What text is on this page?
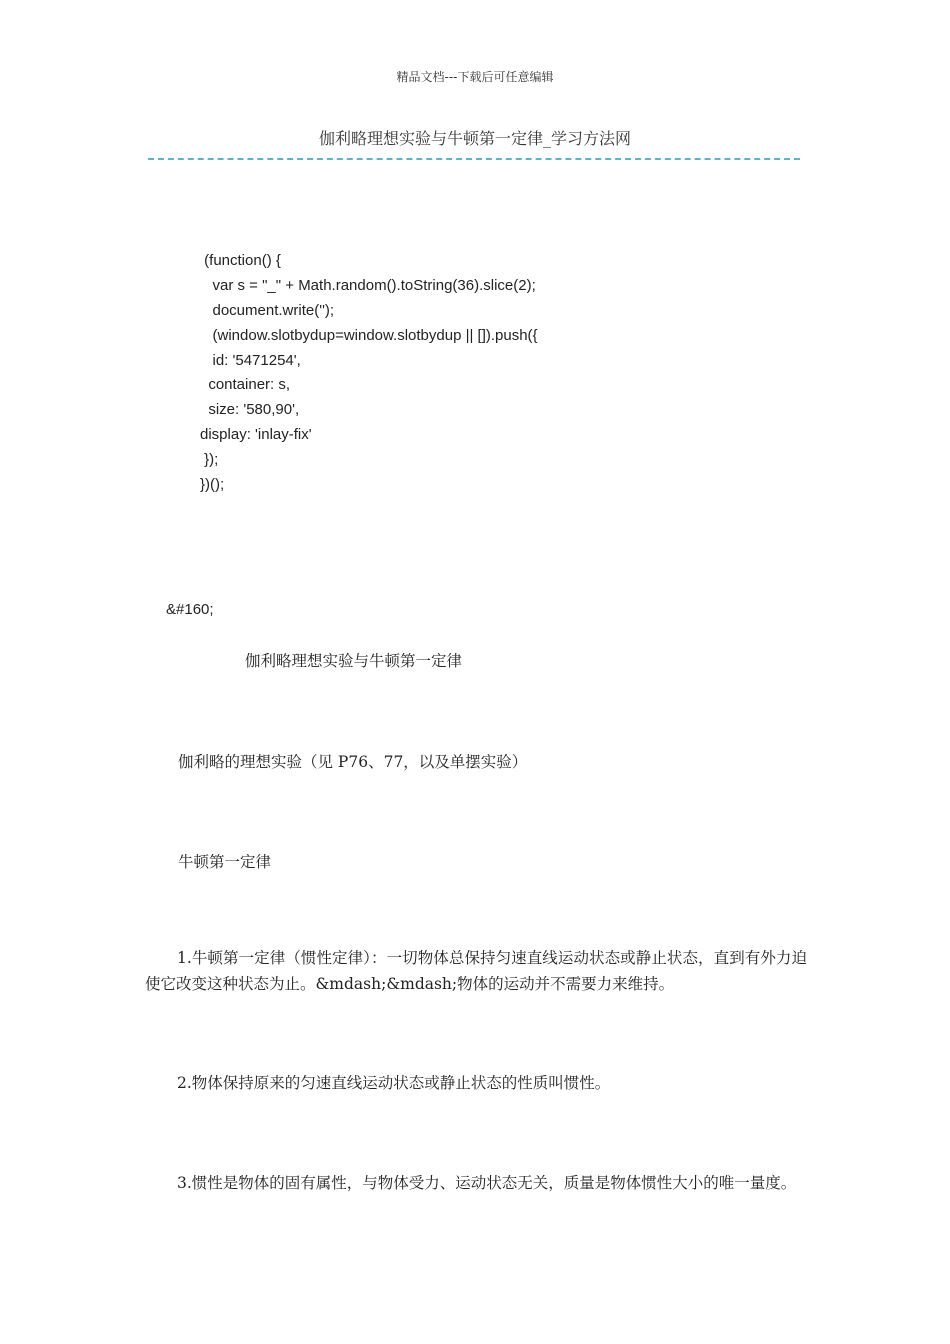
精品文档---下载后可任意编辑
伽利略理想实验与牛顿第一定律_学习方法网
(function() {
var s = "_" + Math.random().toString(36).slice(2);
document.write('');
(window.slotbydup=window.slotbydup || []).push({
id: '5471254',
container: s,
size: '580,90',
display: 'inlay-fix'
});
})();
&#160;
伽利略理想实验与牛顿第一定律
伽利略的理想实验（见 P76、77，以及单摆实验）
牛顿第一定律
1.牛顿第一定律（惯性定律）：一切物体总保持匀速直线运动状态或静止状态，直到有外力迫使它改变这种状态为止。&mdash;&mdash;物体的运动并不需要力来维持。
2.物体保持原来的匀速直线运动状态或静止状态的性质叫惯性。
3.惯性是物体的固有属性，与物体受力、运动状态无关，质量是物体惯性大小的唯一量度。
